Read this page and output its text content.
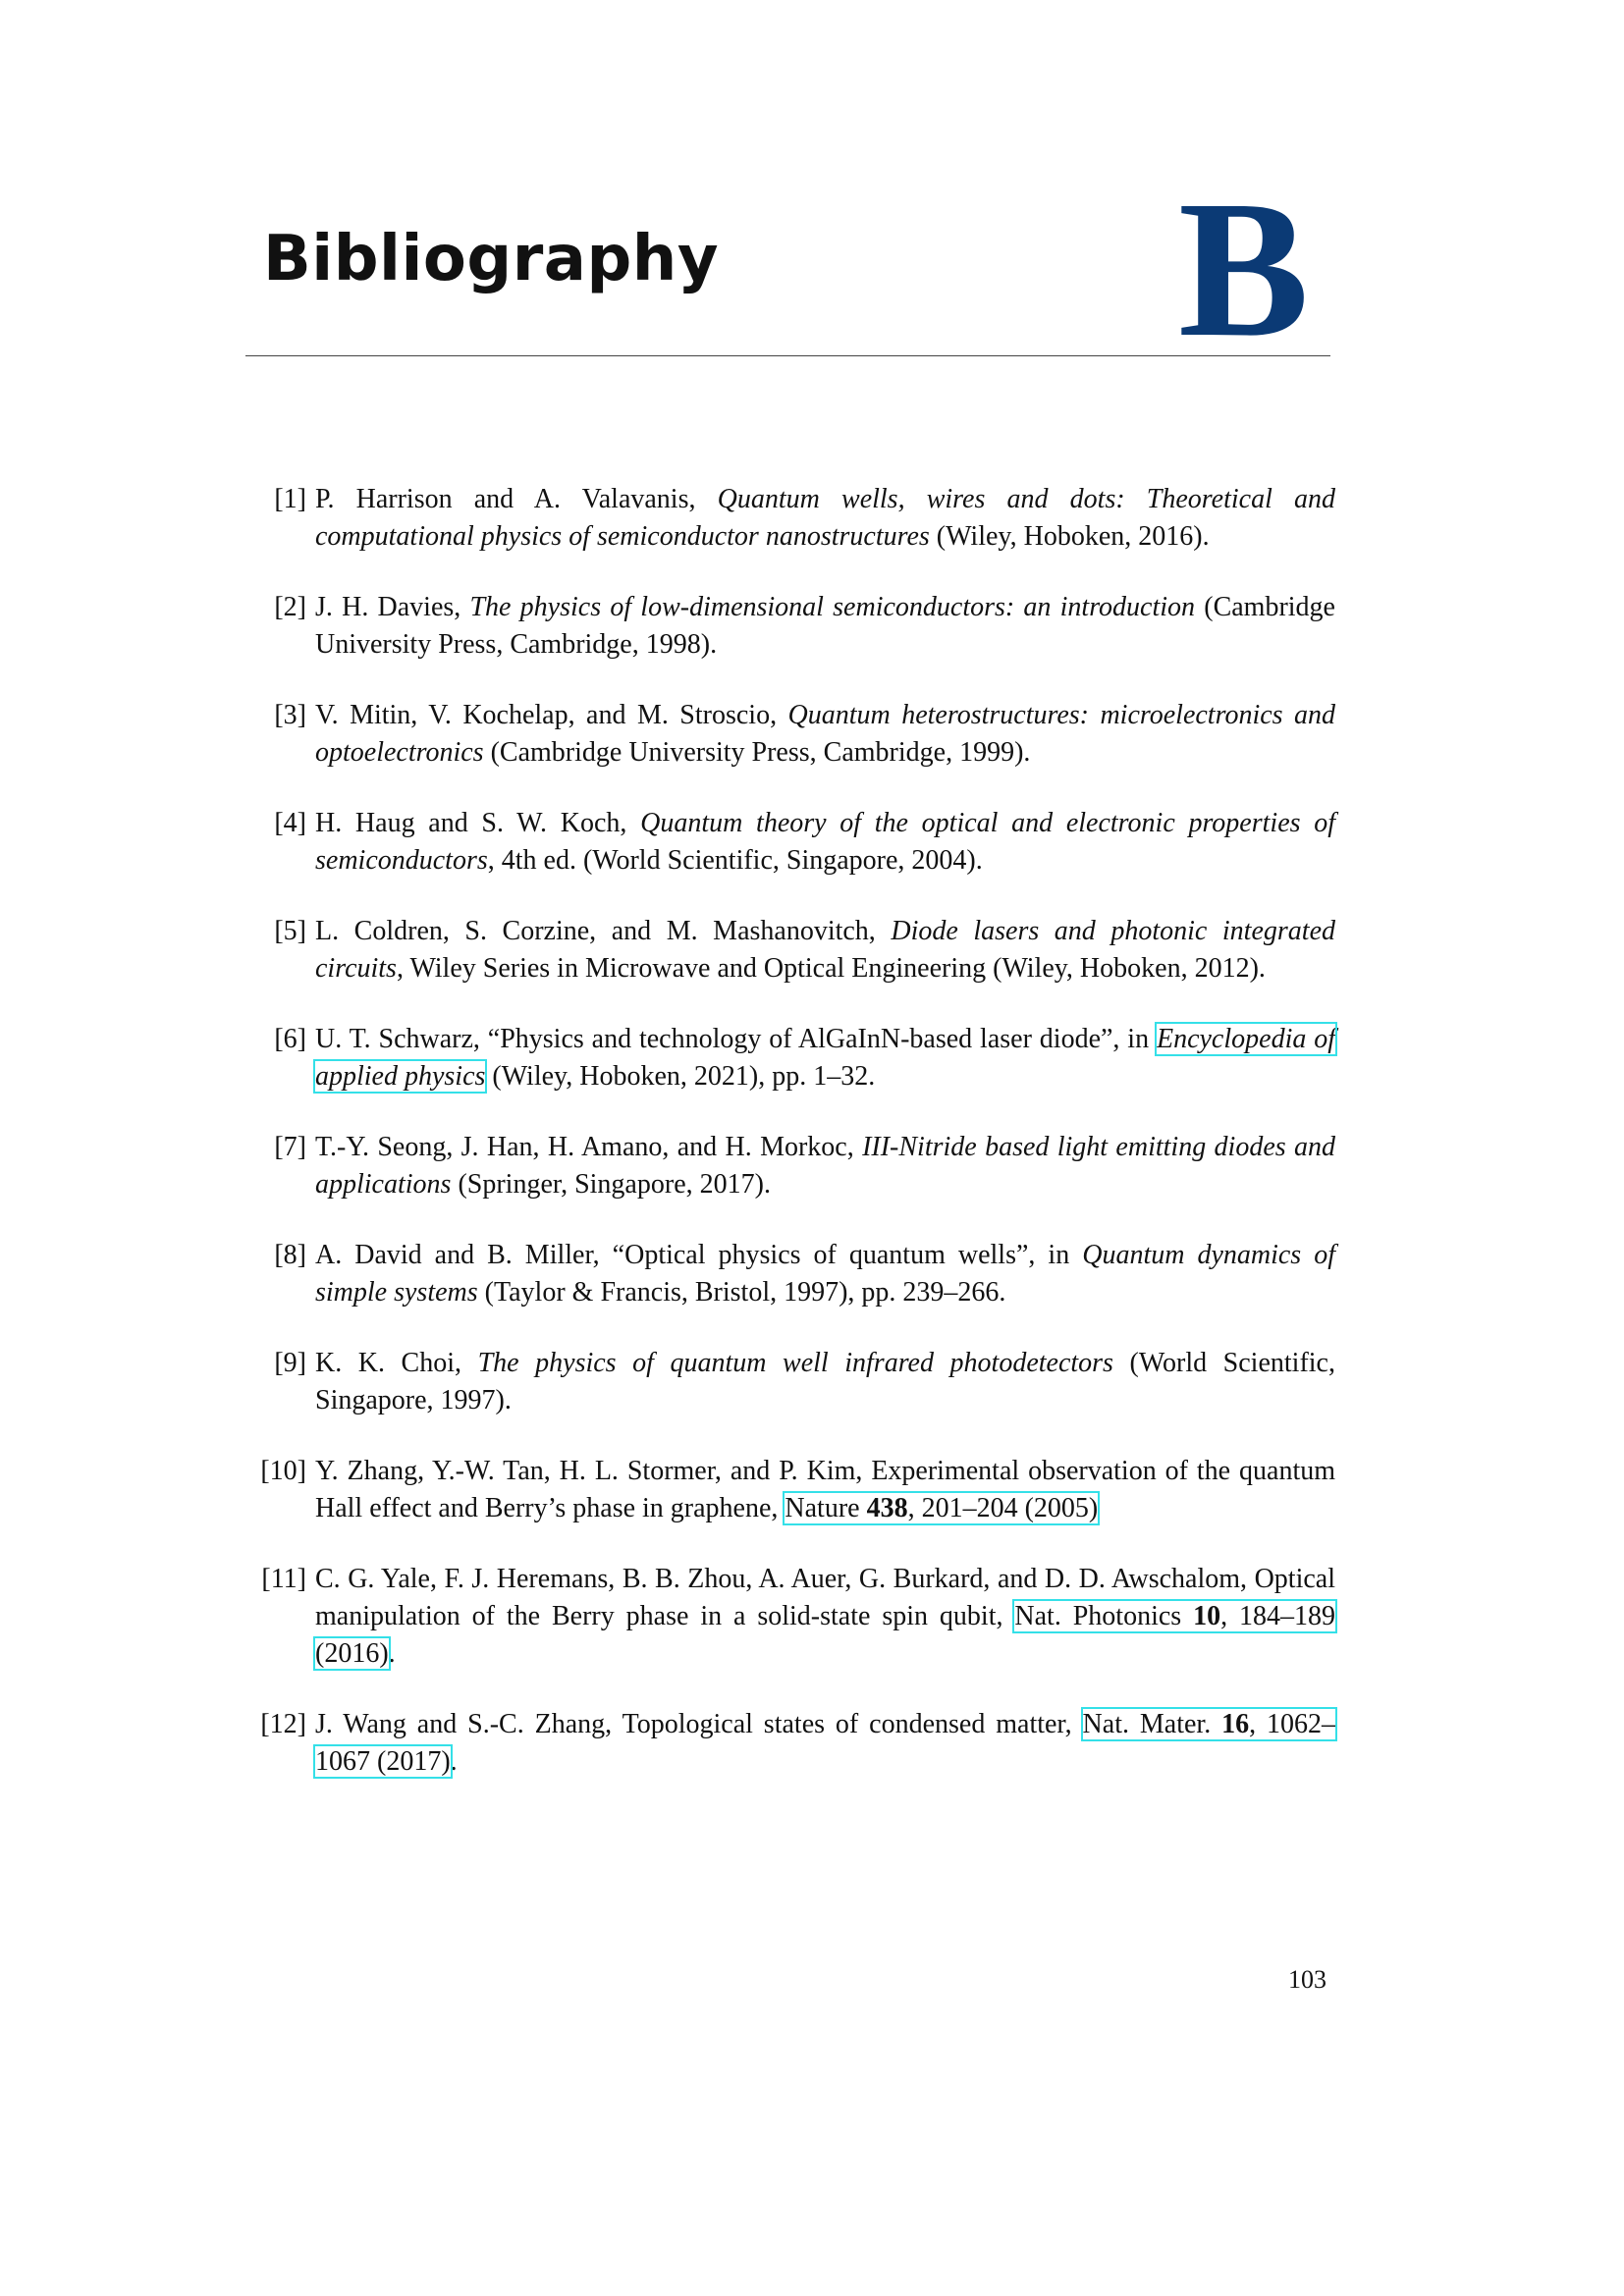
Bibliography B
[1] P. Harrison and A. Valavanis, Quantum wells, wires and dots: Theoretical and computational physics of semiconductor nanostructures (Wiley, Hoboken, 2016).
[2] J. H. Davies, The physics of low-dimensional semiconductors: an introduction (Cambridge University Press, Cambridge, 1998).
[3] V. Mitin, V. Kochelap, and M. Stroscio, Quantum heterostructures: microelectronics and optoelectronics (Cambridge University Press, Cambridge, 1999).
[4] H. Haug and S. W. Koch, Quantum theory of the optical and electronic properties of semiconductors, 4th ed. (World Scientific, Singapore, 2004).
[5] L. Coldren, S. Corzine, and M. Mashanovitch, Diode lasers and photonic integrated circuits, Wiley Series in Microwave and Optical Engineering (Wiley, Hoboken, 2012).
[6] U. T. Schwarz, “Physics and technology of AlGaInN-based laser diode”, in Encyclopedia of applied physics (Wiley, Hoboken, 2021), pp. 1–32.
[7] T.-Y. Seong, J. Han, H. Amano, and H. Morkoc, III-Nitride based light emitting diodes and applications (Springer, Singapore, 2017).
[8] A. David and B. Miller, “Optical physics of quantum wells”, in Quantum dynamics of simple systems (Taylor & Francis, Bristol, 1997), pp. 239–266.
[9] K. K. Choi, The physics of quantum well infrared photodetectors (World Scientific, Singapore, 1997).
[10] Y. Zhang, Y.-W. Tan, H. L. Stormer, and P. Kim, Experimental observation of the quantum Hall effect and Berry’s phase in graphene, Nature 438, 201–204 (2005)
[11] C. G. Yale, F. J. Heremans, B. B. Zhou, A. Auer, G. Burkard, and D. D. Awschalom, Optical manipulation of the Berry phase in a solid-state spin qubit, Nat. Photonics 10, 184–189 (2016).
[12] J. Wang and S.-C. Zhang, Topological states of condensed matter, Nat. Mater. 16, 1062–1067 (2017).
103
